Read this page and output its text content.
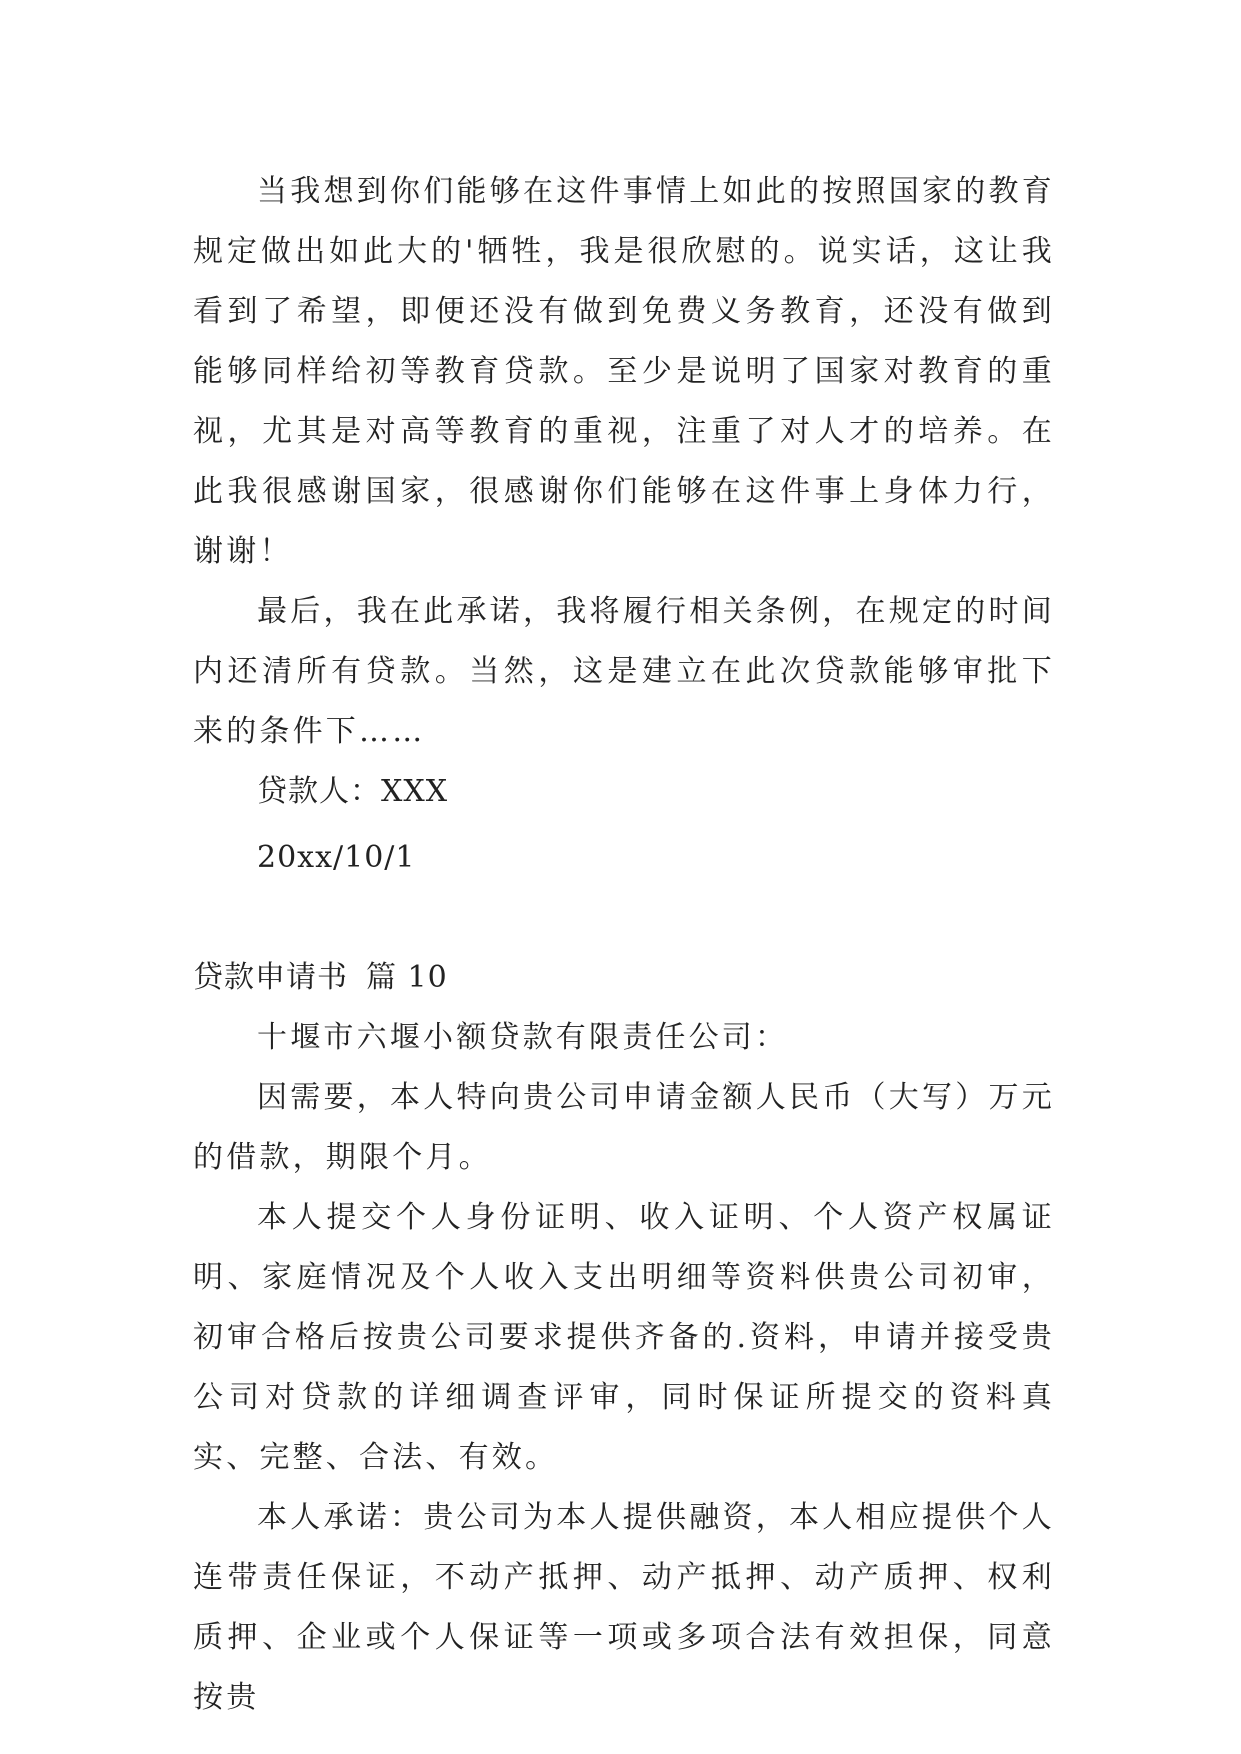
当我想到你们能够在这件事情上如此的按照国家的教育规定做出如此大的'牺牲，我是很欣慰的。说实话，这让我看到了希望，即便还没有做到免费义务教育，还没有做到能够同样给初等教育贷款。至少是说明了国家对教育的重视，尤其是对高等教育的重视，注重了对人才的培养。在此我很感谢国家，很感谢你们能够在这件事上身体力行，谢谢！

最后，我在此承诺，我将履行相关条例，在规定的时间内还清所有贷款。当然，这是建立在此次贷款能够审批下来的条件下……

贷款人：XXX

20xx/10/1

贷款申请书 篇 10

十堰市六堰小额贷款有限责任公司：

因需要，本人特向贵公司申请金额人民币（大写）万元的借款，期限个月。

本人提交个人身份证明、收入证明、个人资产权属证明、家庭情况及个人收入支出明细等资料供贵公司初审，初审合格后按贵公司要求提供齐备的.资料，申请并接受贵公司对贷款的详细调查评审，同时保证所提交的资料真实、完整、合法、有效。

本人承诺：贵公司为本人提供融资，本人相应提供个人连带责任保证，不动产抵押、动产抵押、动产质押、权利质押、企业或个人保证等一项或多项合法有效担保，同意按贵
